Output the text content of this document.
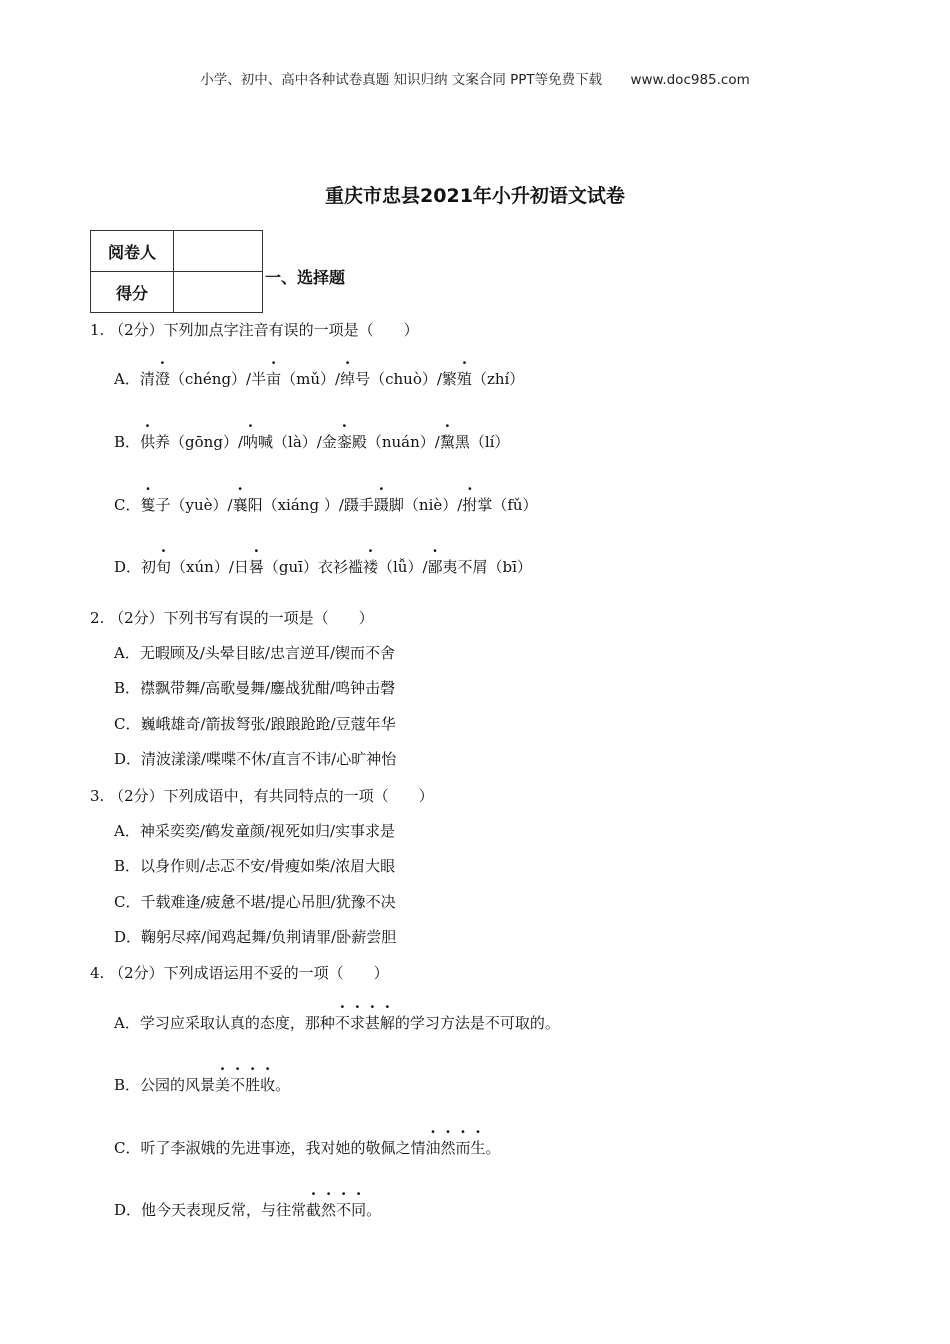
小学、初中、高中各种试卷真题 知识归纳 文案合同 PPT等免费下载 www.doc985.com
重庆市忠县2021年小升初语文试卷
阅卷人	
得分	
一、选择题
1. （2分）下列加点字注音有误的一项是（　　）
A．清澄（chéng）/半亩（mǔ）/绰号（chuò）/繁殖（zhí）
B．供养（gōng）/呐喊（là）/金銮殿（nuán）/黧黑（lí）
C．篗子（yuè）/襄阳（xiáng ）/蹑手蹑脚（niè）/拊掌（fǔ）
D．初旬（xún）/日晷（guī）衣衫褴褛（lǚ）/鄙夷不屑（bī）
2. （2分）下列书写有误的一项是（　　）
A．无暇顾及/头晕目眩/忠言逆耳/锲而不舍
B．襟飘带舞/高歌曼舞/鏖战犹酣/鸣钟击磬
C．巍峨雄奇/箭拔弩张/踉踉跄跄/豆蔻年华
D．清波漾漾/喋喋不休/直言不讳/心旷神怡
3. （2分）下列成语中，有共同特点的一项（　　）
A．神采奕奕/鹤发童颜/视死如归/实事求是
B．以身作则/忐忑不安/骨瘦如柴/浓眉大眼
C．千载难逢/疲惫不堪/提心吊胆/犹豫不决
D．鞠躬尽瘁/闻鸡起舞/负荆请罪/卧薪尝胆
4. （2分）下列成语运用不妥的一项（　　）
A．学习应采取认真的态度，那种不求甚解的学习方法是不可取的。
B．公园的风景美不胜收。
C．听了李淑娥的先进事迹，我对她的敬佩之情油然而生。
D．他今天表现反常，与往常截然不同。
